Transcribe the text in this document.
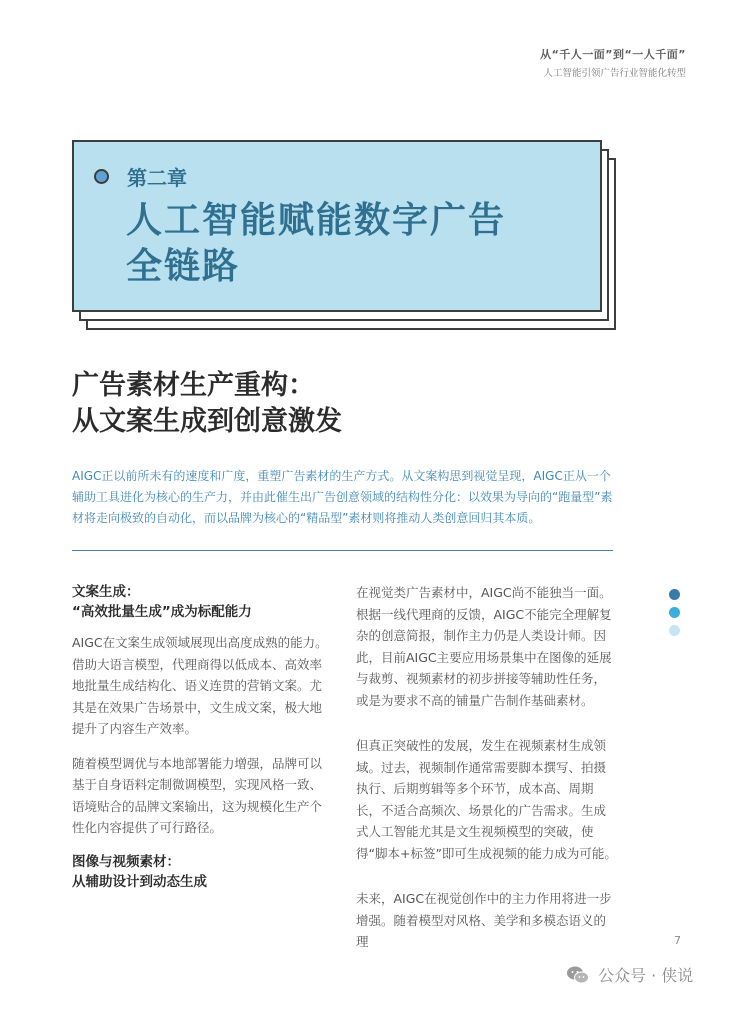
从“千人一面”到“一人千面”
人工智能引领广告行业智能化转型
第二章
人工智能赋能数字广告
全链路
广告素材生产重构：
从文案生成到创意激发

AIGC正以前所未有的速度和广度，重塑广告素材的生产方式。从文案构思到视觉呈现，AIGC正从一个辅助工具进化为核心的生产力，并由此催生出广告创意领域的结构性分化：以效果为导向的“跑量型”素材将走向极致的自动化，而以品牌为核心的“精品型”素材则将推动人类创意回归其本质。

文案生成：
“高效批量生成”成为标配能力

AIGC在文案生成领域展现出高度成熟的能力。借助大语言模型，代理商得以低成本、高效率地批量生成结构化、语义连贯的营销文案。尤其是在效果广告场景中，文生成文案，极大地提升了内容生产效率。

随着模型调优与本地部署能力增强，品牌可以基于自身语料定制微调模型，实现风格一致、语境贴合的品牌文案输出，这为规模化生产个性化内容提供了可行路径。

图像与视频素材：
从辅助设计到动态生成

在视觉类广告素材中，AIGC尚不能独当一面。根据一线代理商的反馈，AIGC不能完全理解复杂的创意简报，制作主力仍是人类设计师。因此，目前AIGC主要应用场景集中在图像的延展与裁剪、视频素材的初步拼接等辅助性任务，或是为要求不高的铺量广告制作基础素材。

但真正突破性的发展，发生在视频素材生成领域。过去，视频制作通常需要脚本撰写、拍摄执行、后期剪辑等多个环节，成本高、周期长，不适合高频次、场景化的广告需求。生成式人工智能尤其是文生视频模型的突破，使得“脚本+标签”即可生成视频的能力成为可能。

未来，AIGC在视觉创作中的主力作用将进一步增强。随着模型对风格、美学和多模态语义的理	7
公众号 · 侠说
